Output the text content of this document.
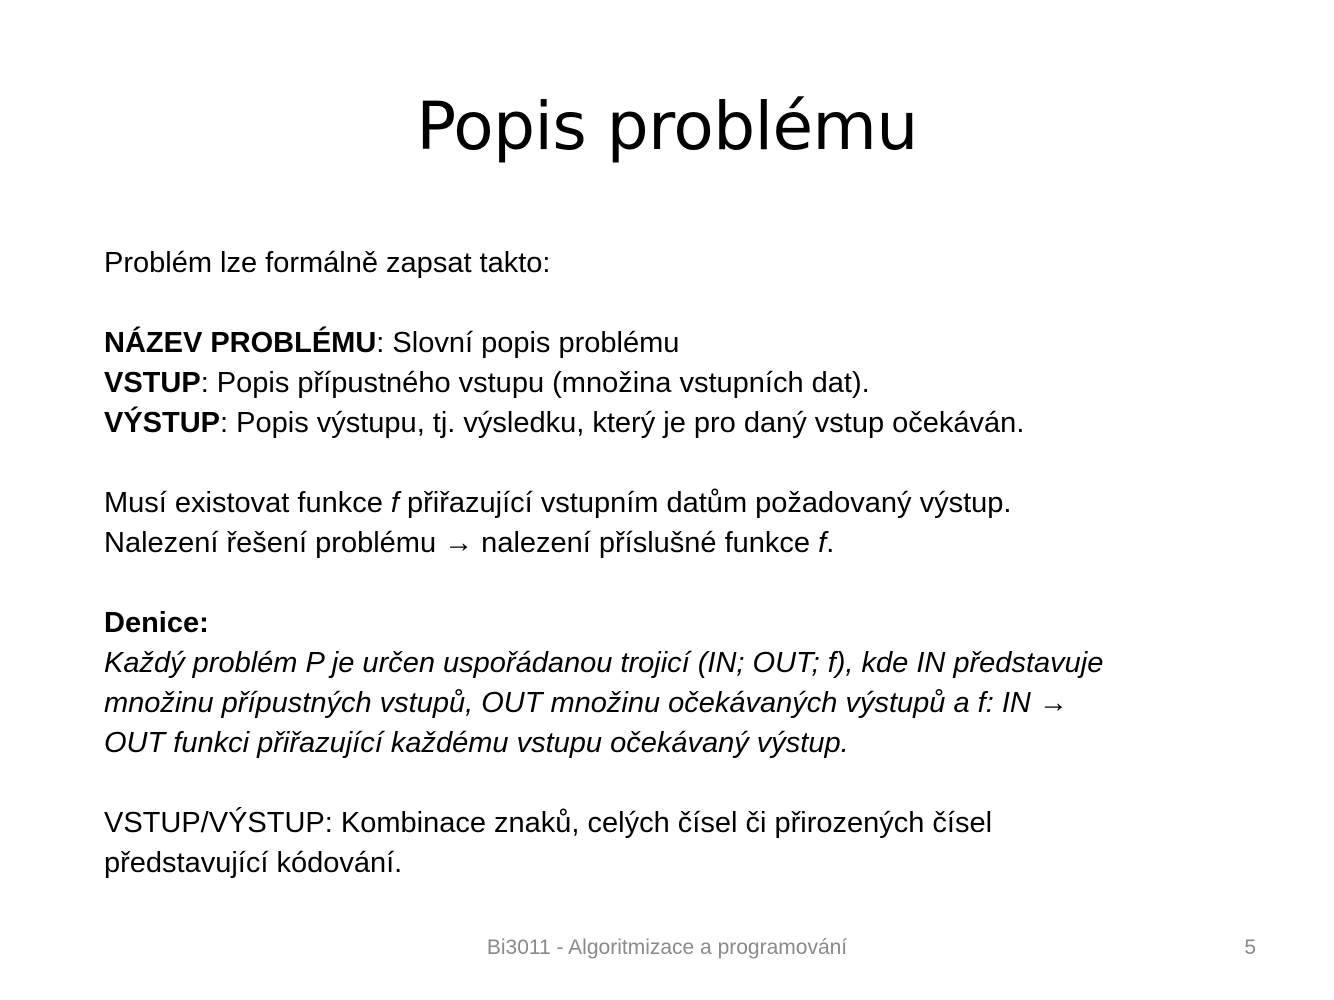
Popis problému
Problém lze formálně zapsat takto:
NÁZEV PROBLÉMU: Slovní popis problému
VSTUP: Popis přípustného vstupu (množina vstupních dat).
VÝSTUP: Popis výstupu, tj. výsledku, který je pro daný vstup očekáván.
Musí existovat funkce f přiřazující vstupním datům požadovaný výstup.
Nalezení řešení problému → nalezení příslušné funkce f.
Denice:
Každý problém P je určen uspořádanou trojicí (IN; OUT; f), kde IN představuje
množinu přípustných vstupů, OUT množinu očekávaných výstupů a f: IN →
OUT funkci přiřazující každému vstupu očekávaný výstup.
VSTUP/VÝSTUP: Kombinace znaků, celých čísel či přirozených čísel
představující kódování.
Bi3011 - Algoritmizace a programování	5
